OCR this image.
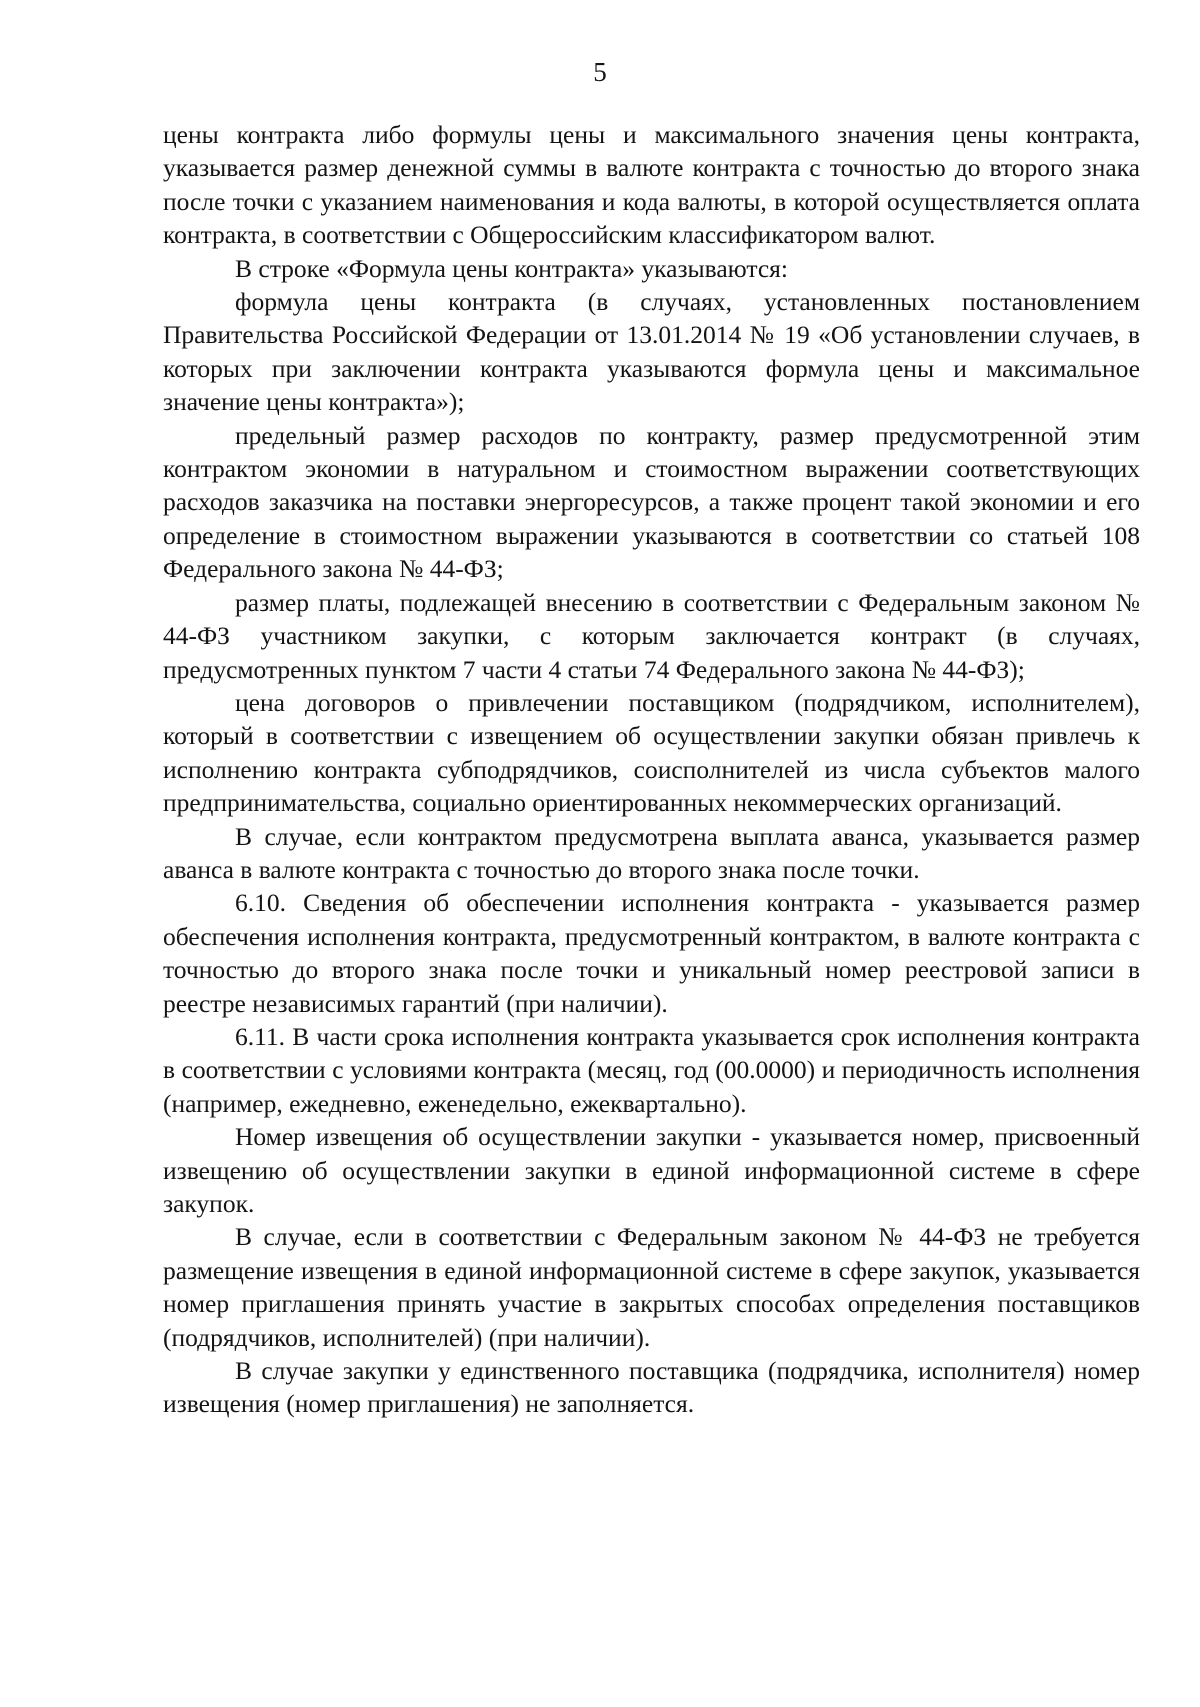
5

цены контракта либо формулы цены и максимального значения цены контракта, указывается размер денежной суммы в валюте контракта с точностью до второго знака после точки с указанием наименования и кода валюты, в которой осуществляется оплата контракта, в соответствии с Общероссийским классификатором валют.

В строке «Формула цены контракта» указываются:

формула цены контракта (в случаях, установленных постановлением Правительства Российской Федерации от 13.01.2014 № 19 «Об установлении случаев, в которых при заключении контракта указываются формула цены и максимальное значение цены контракта»);

предельный размер расходов по контракту, размер предусмотренной этим контрактом экономии в натуральном и стоимостном выражении соответствующих расходов заказчика на поставки энергоресурсов, а также процент такой экономии и его определение в стоимостном выражении указываются в соответствии со статьей 108 Федерального закона № 44-ФЗ;

размер платы, подлежащей внесению в соответствии с Федеральным законом № 44-ФЗ участником закупки, с которым заключается контракт (в случаях, предусмотренных пунктом 7 части 4 статьи 74 Федерального закона № 44-ФЗ);

цена договоров о привлечении поставщиком (подрядчиком, исполнителем), который в соответствии с извещением об осуществлении закупки обязан привлечь к исполнению контракта субподрядчиков, соисполнителей из числа субъектов малого предпринимательства, социально ориентированных некоммерческих организаций.

В случае, если контрактом предусмотрена выплата аванса, указывается размер аванса в валюте контракта с точностью до второго знака после точки.

6.10. Сведения об обеспечении исполнения контракта - указывается размер обеспечения исполнения контракта, предусмотренный контрактом, в валюте контракта с точностью до второго знака после точки и уникальный номер реестровой записи в реестре независимых гарантий (при наличии).

6.11. В части срока исполнения контракта указывается срок исполнения контракта в соответствии с условиями контракта (месяц, год (00.0000) и периодичность исполнения (например, ежедневно, еженедельно, ежеквартально).

Номер извещения об осуществлении закупки - указывается номер, присвоенный извещению об осуществлении закупки в единой информационной системе в сфере закупок.

В случае, если в соответствии с Федеральным законом № 44-ФЗ не требуется размещение извещения в единой информационной системе в сфере закупок, указывается номер приглашения принять участие в закрытых способах определения поставщиков (подрядчиков, исполнителей) (при наличии).

В случае закупки у единственного поставщика (подрядчика, исполнителя) номер извещения (номер приглашения) не заполняется.
